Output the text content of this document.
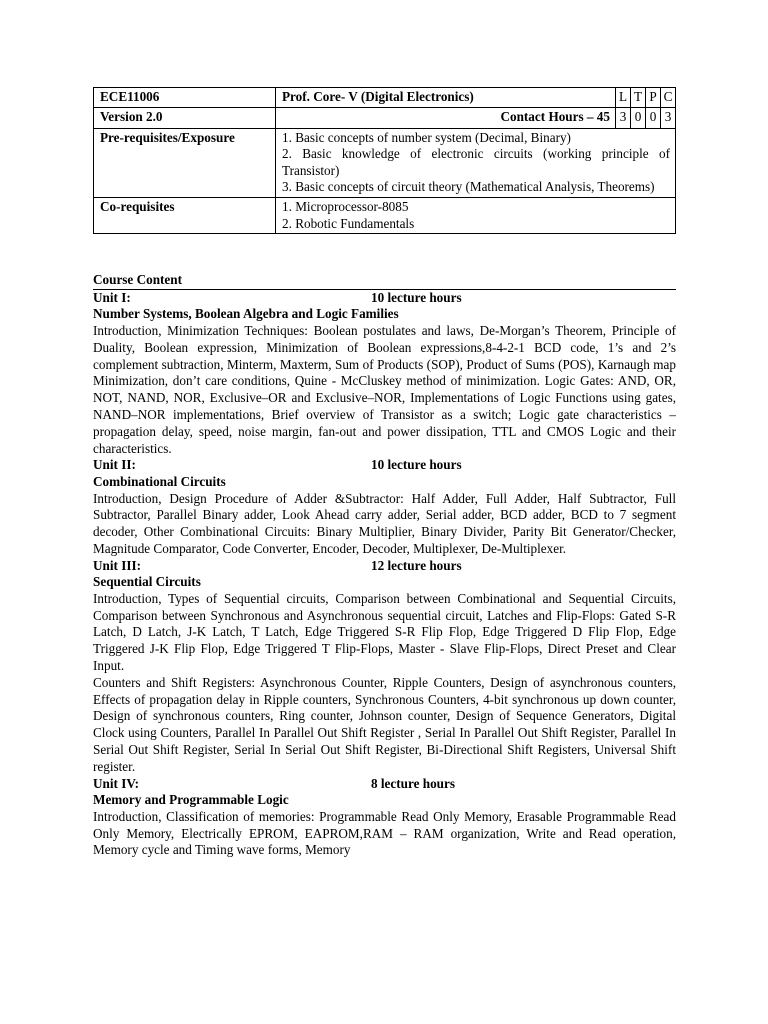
ECE11006	Prof. Core- V (Digital Electronics)	L	T	P	C
Version 2.0	Contact Hours – 45	3	0	0	3
Pre-requisites/Exposure	1. Basic concepts of number system (Decimal, Binary)

2. Basic knowledge of electronic circuits (working principle of Transistor)

3. Basic concepts of circuit theory (Mathematical Analysis, Theorems)				

Co-requisites	1. Microprocessor-8085

2. Robotic Fundamentals				

Course Content
Unit I:	10 lecture hours
Number Systems, Boolean Algebra and Logic Families

Introduction, Minimization Techniques: Boolean postulates and laws, De-Morgan’s Theorem, Principle of Duality, Boolean expression, Minimization of Boolean expressions,8-4-2-1 BCD code, 1’s and 2’s complement subtraction, Minterm, Maxterm, Sum of Products (SOP), Product of Sums (POS), Karnaugh map Minimization, don’t care conditions, Quine - McCluskey method of minimization. Logic Gates: AND, OR, NOT, NAND, NOR, Exclusive–OR and Exclusive–NOR, Implementations of Logic Functions using gates, NAND–NOR implementations, Brief overview of Transistor as a switch; Logic gate characteristics – propagation delay, speed, noise margin, fan-out and power dissipation, TTL and CMOS Logic and their characteristics.

Unit II:	10 lecture hours
Combinational Circuits

Introduction, Design Procedure of Adder &Subtractor: Half Adder, Full Adder, Half Subtractor, Full Subtractor, Parallel Binary adder, Look Ahead carry adder, Serial adder, BCD adder, BCD to 7 segment decoder, Other Combinational Circuits: Binary Multiplier, Binary Divider, Parity Bit Generator/Checker, Magnitude Comparator, Code Converter, Encoder, Decoder, Multiplexer, De-Multiplexer.

Unit III:	12 lecture hours
Sequential Circuits

Introduction, Types of Sequential circuits, Comparison between Combinational and Sequential Circuits, Comparison between Synchronous and Asynchronous sequential circuit, Latches and Flip-Flops: Gated S-R Latch, D Latch, J-K Latch, T Latch, Edge Triggered S-R Flip Flop, Edge Triggered D Flip Flop, Edge Triggered J-K Flip Flop, Edge Triggered T Flip-Flops, Master - Slave Flip-Flops, Direct Preset and Clear Input.

Counters and Shift Registers: Asynchronous Counter, Ripple Counters, Design of asynchronous counters, Effects of propagation delay in Ripple counters, Synchronous Counters, 4-bit synchronous up down counter, Design of synchronous counters, Ring counter, Johnson counter, Design of Sequence Generators, Digital Clock using Counters, Parallel In Parallel Out Shift Register , Serial In Parallel Out Shift Register, Parallel In Serial Out Shift Register, Serial In Serial Out Shift Register, Bi-Directional Shift Registers, Universal Shift register.

Unit IV:	8 lecture hours
Memory and Programmable Logic

Introduction, Classification of memories: Programmable Read Only Memory, Erasable Programmable Read Only Memory, Electrically EPROM, EAPROM,RAM – RAM organization, Write and Read operation, Memory cycle and Timing wave forms, Memory
